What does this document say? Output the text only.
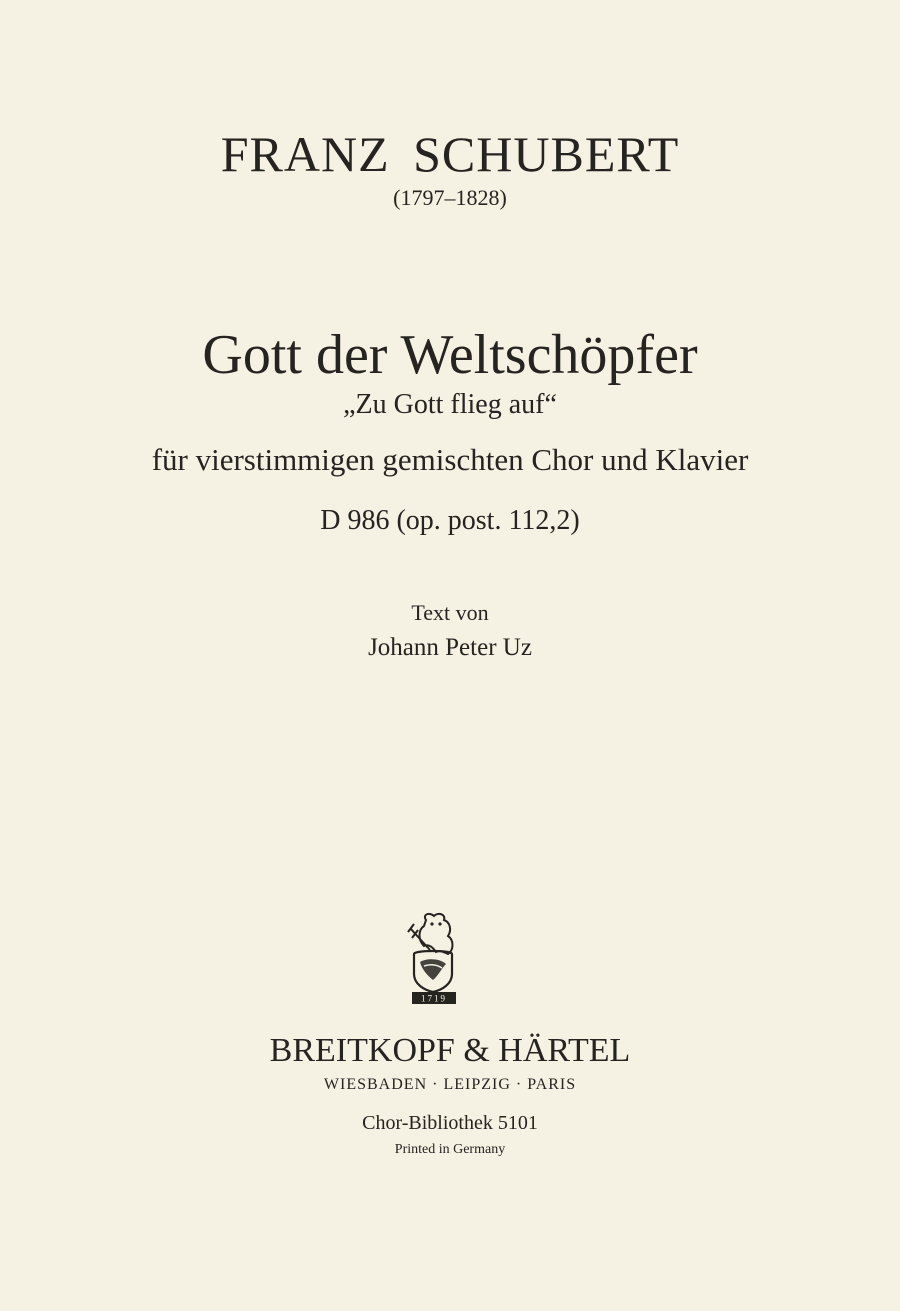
FRANZ SCHUBERT
(1797–1828)
Gott der Weltschöpfer
„Zu Gott flieg auf“
für vierstimmigen gemischten Chor und Klavier
D 986 (op. post. 112,2)
Text von
Johann Peter Uz
1719
BREITKOPF & HÄRTEL
WIESBADEN · LEIPZIG · PARIS
Chor-Bibliothek 5101
Printed in Germany
